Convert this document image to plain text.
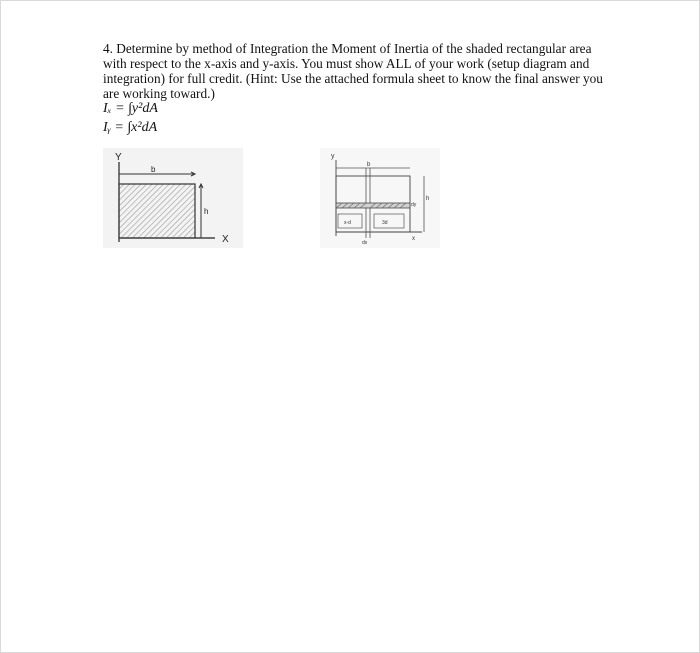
4. Determine by method of Integration the Moment of Inertia of the shaded rectangular area with respect to the x-axis and y-axis. You must show ALL of your work (setup diagram and integration) for full credit. (Hint: Use the attached formula sheet to know the final answer you are working toward.)

Iₓ = ∫y²dA
Iᵧ = ∫x²dA
b
h
Y
X
x-d	3d
b
h
dy
dx
y
x
